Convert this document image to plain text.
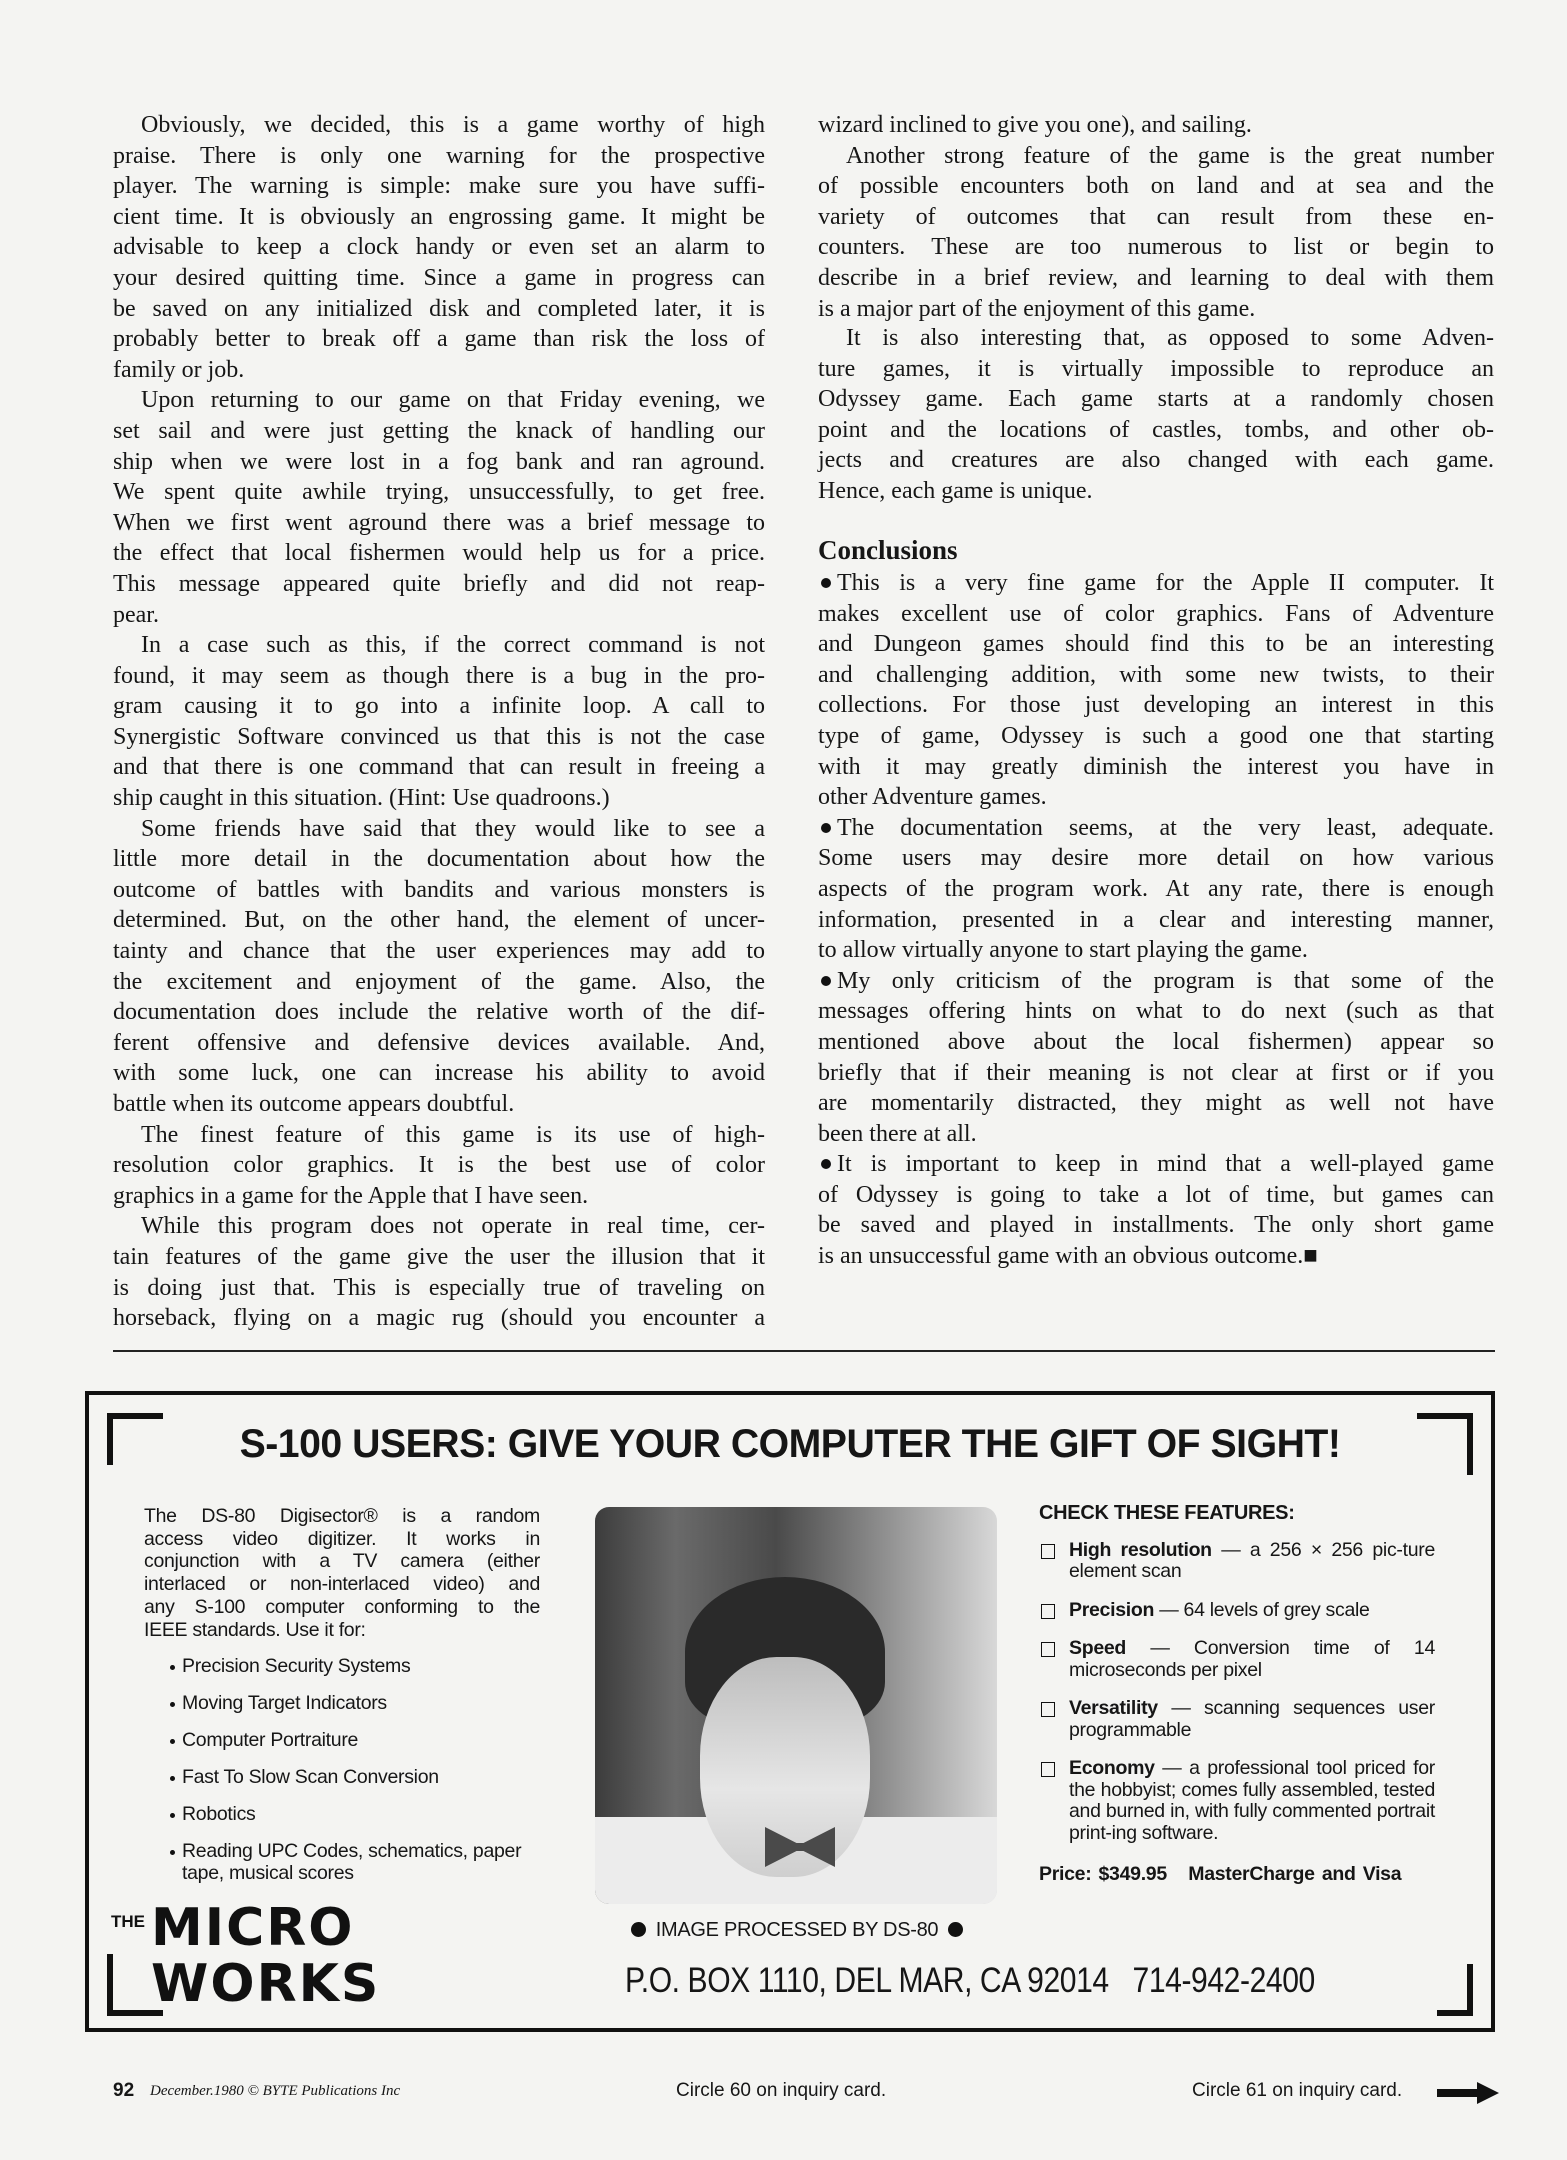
Obviously, we decided, this is a game worthy of high
praise. There is only one warning for the prospective
player. The warning is simple: make sure you have suffi-
cient time. It is obviously an engrossing game. It might be
advisable to keep a clock handy or even set an alarm to
your desired quitting time. Since a game in progress can
be saved on any initialized disk and completed later, it is
probably better to break off a game than risk the loss of
family or job.
Upon returning to our game on that Friday evening, we
set sail and were just getting the knack of handling our
ship when we were lost in a fog bank and ran aground.
We spent quite awhile trying, unsuccessfully, to get free.
When we first went aground there was a brief message to
the effect that local fishermen would help us for a price.
This message appeared quite briefly and did not reap-
pear.
In a case such as this, if the correct command is not
found, it may seem as though there is a bug in the pro-
gram causing it to go into a infinite loop. A call to
Synergistic Software convinced us that this is not the case
and that there is one command that can result in freeing a
ship caught in this situation. (Hint: Use quadroons.)
Some friends have said that they would like to see a
little more detail in the documentation about how the
outcome of battles with bandits and various monsters is
determined. But, on the other hand, the element of uncer-
tainty and chance that the user experiences may add to
the excitement and enjoyment of the game. Also, the
documentation does include the relative worth of the dif-
ferent offensive and defensive devices available. And,
with some luck, one can increase his ability to avoid
battle when its outcome appears doubtful.
The finest feature of this game is its use of high-
resolution color graphics. It is the best use of color
graphics in a game for the Apple that I have seen.
While this program does not operate in real time, cer-
tain features of the game give the user the illusion that it
is doing just that. This is especially true of traveling on
horseback, flying on a magic rug (should you encounter a
wizard inclined to give you one), and sailing.
Another strong feature of the game is the great number
of possible encounters both on land and at sea and the
variety of outcomes that can result from these en-
counters. These are too numerous to list or begin to
describe in a brief review, and learning to deal with them
is a major part of the enjoyment of this game.
It is also interesting that, as opposed to some Adven-
ture games, it is virtually impossible to reproduce an
Odyssey game. Each game starts at a randomly chosen
point and the locations of castles, tombs, and other ob-
jects and creatures are also changed with each game.
Hence, each game is unique.
Conclusions
This is a very fine game for the Apple II computer. It
makes excellent use of color graphics. Fans of Adventure
and Dungeon games should find this to be an interesting
and challenging addition, with some new twists, to their
collections. For those just developing an interest in this
type of game, Odyssey is such a good one that starting
with it may greatly diminish the interest you have in
other Adventure games.
The documentation seems, at the very least, adequate.
Some users may desire more detail on how various
aspects of the program work. At any rate, there is enough
information, presented in a clear and interesting manner,
to allow virtually anyone to start playing the game.
My only criticism of the program is that some of the
messages offering hints on what to do next (such as that
mentioned above about the local fishermen) appear so
briefly that if their meaning is not clear at first or if you
are momentarily distracted, they might as well not have
been there at all.
It is important to keep in mind that a well-played game
of Odyssey is going to take a lot of time, but games can
be saved and played in installments. The only short game
is an unsuccessful game with an obvious outcome.■
S-100 USERS: GIVE YOUR COMPUTER THE GIFT OF SIGHT!
The DS-80 Digisector® is a random
access video digitizer. It works in
conjunction with a TV camera (either
interlaced or non-interlaced video) and
any S-100 computer conforming to the
IEEE standards. Use it for:
Precision Security Systems
Moving Target Indicators
Computer Portraiture
Fast To Slow Scan Conversion
Robotics
Reading UPC Codes, schematics, paper tape, musical scores
IMAGE PROCESSED BY DS-80
CHECK THESE FEATURES:
High resolution — a 256 × 256 pic-ture element scan
Precision — 64 levels of grey scale
Speed — Conversion time of 14 microseconds per pixel
Versatility — scanning sequences user programmable
Economy — a professional tool priced for the hobbyist; comes fully assembled, tested and burned in, with fully commented portrait print-ing software.
Price: $349.95 MasterCharge and Visa
THE MICRO
WORKS	P.O. BOX 1110, DEL MAR, CA 92014 714-942-2400
92 December.1980 © BYTE Publications Inc	Circle 60 on inquiry card.	Circle 61 on inquiry card.
